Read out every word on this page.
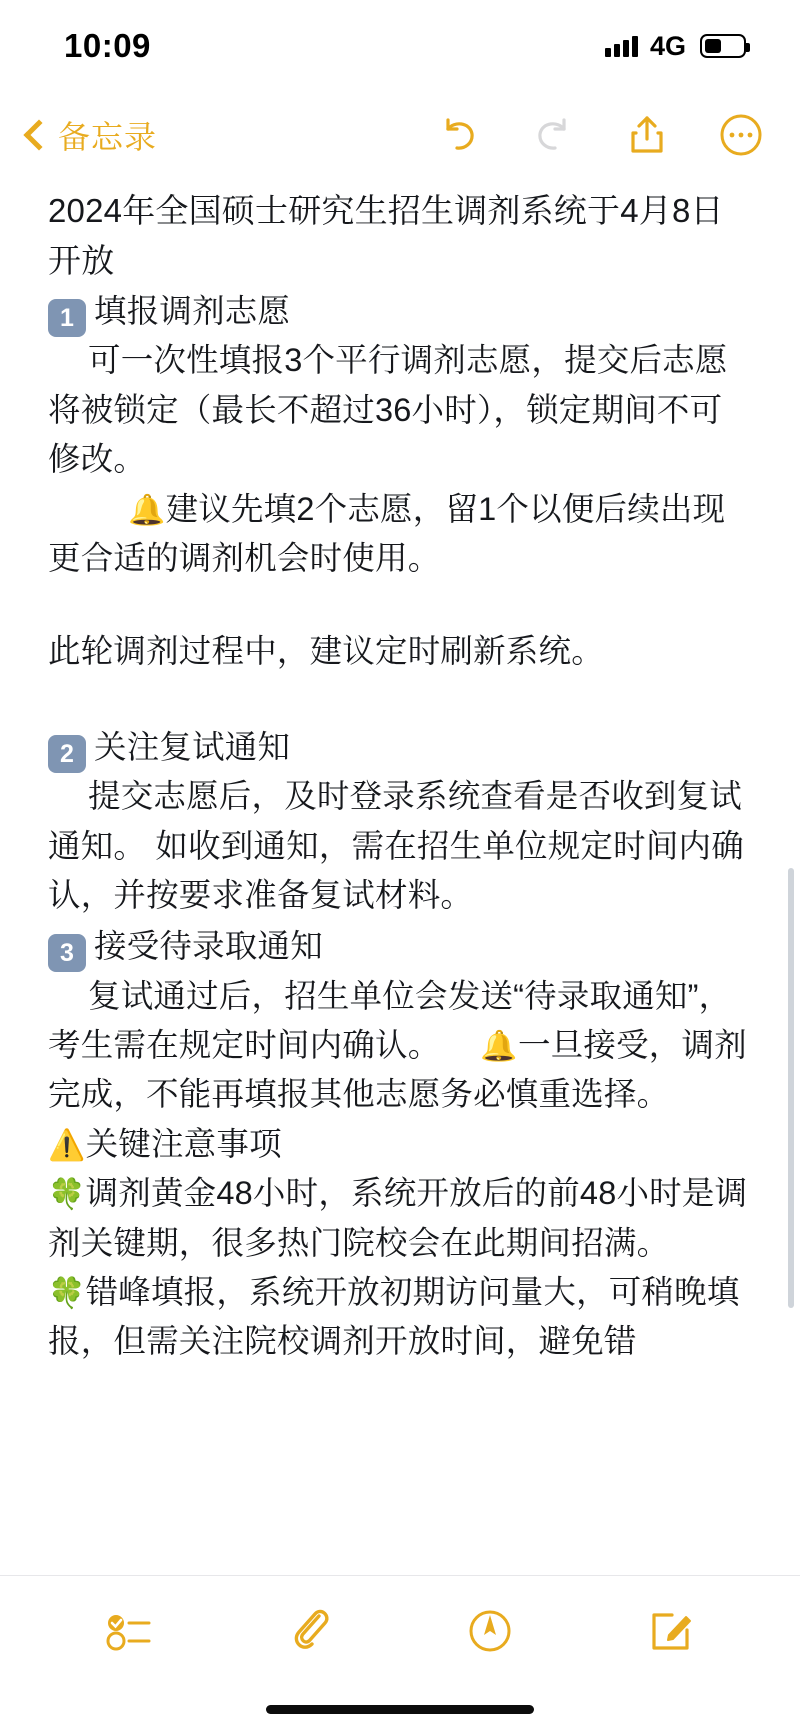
10:09	4G
备忘录

2024年全国硕士研究生招生调剂系统于4月8日开放

1 填报调剂志愿

可一次性填报3个平行调剂志愿，提交后志愿将被锁定（最长不超过36小时），锁定期间不可修改。

🔔建议先填2个志愿，留1个以便后续出现更合适的调剂机会时使用。

此轮调剂过程中，建议定时刷新系统。

2 关注复试通知

提交志愿后，及时登录系统查看是否收到复试通知。 如收到通知，需在招生单位规定时间内确认，并按要求准备复试材料。

3 接受待录取通知

复试通过后，招生单位会发送“待录取通知”，考生需在规定时间内确认。 🔔一旦接受，调剂完成，不能再填报其他志愿务必慎重选择。

⚠️关键注意事项

🍀调剂黄金48小时，系统开放后的前48小时是调剂关键期，很多热门院校会在此期间招满。

🍀错峰填报，系统开放初期访问量大，可稍晚填报，但需关注院校调剂开放时间，避免错
